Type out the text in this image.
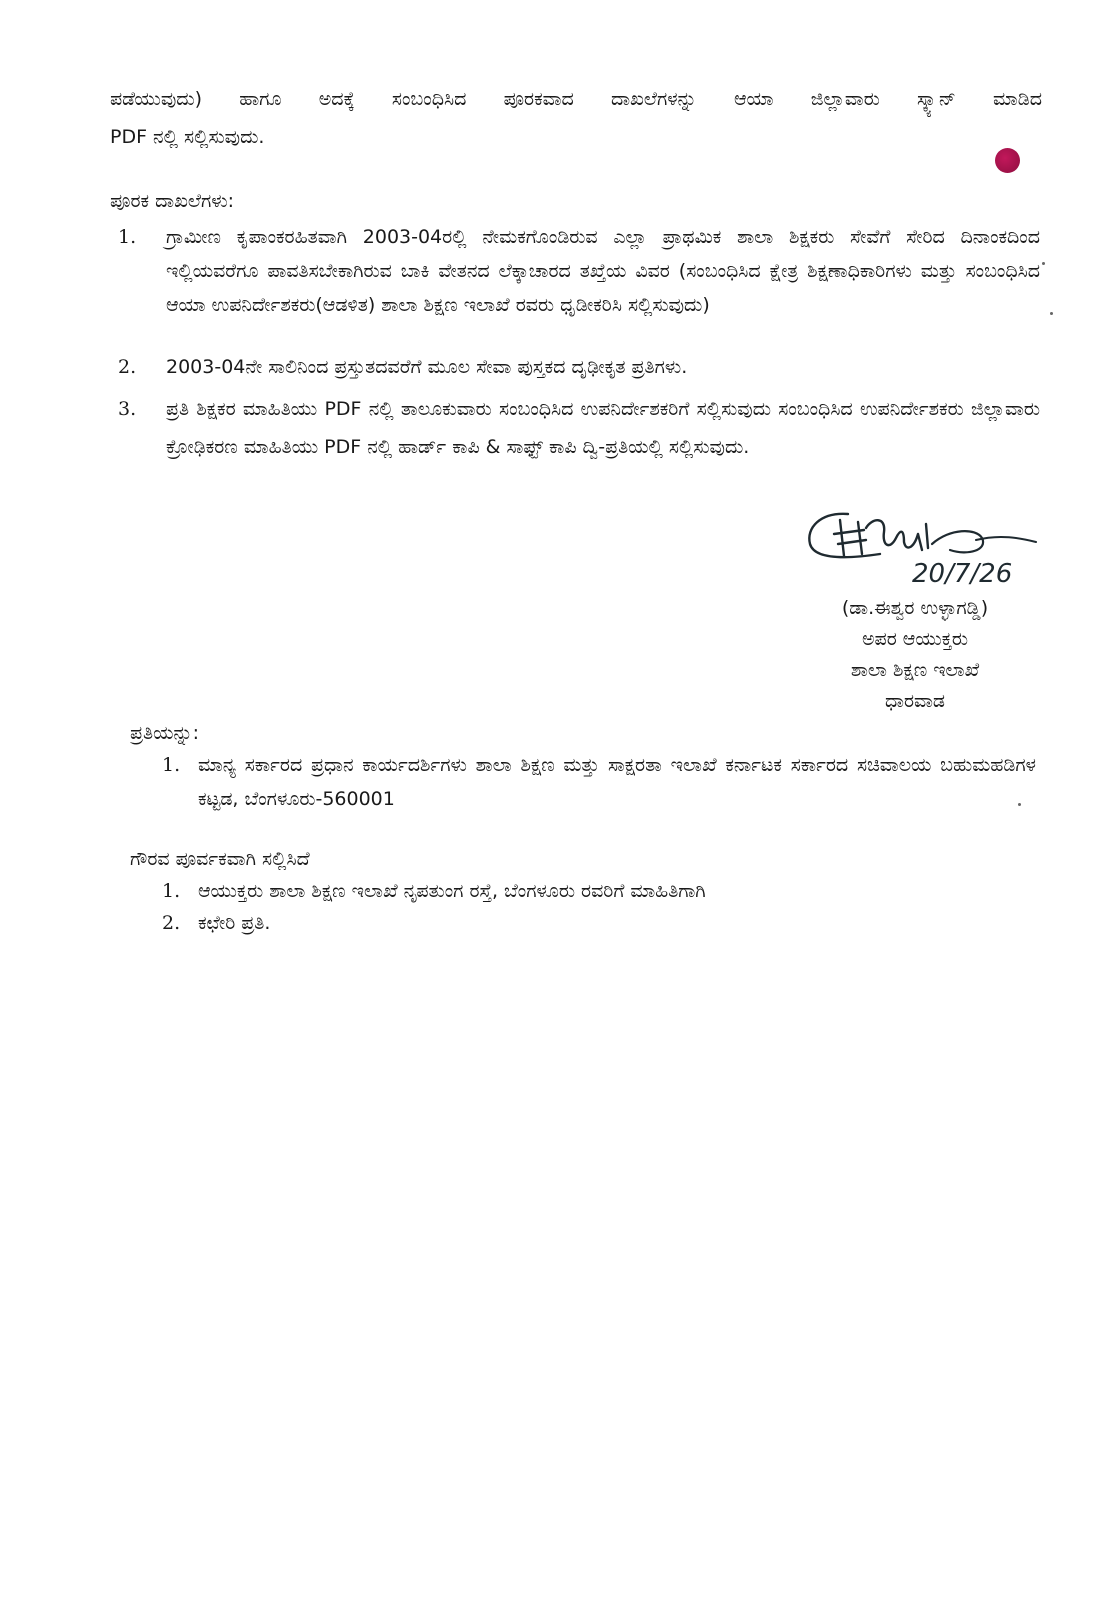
ಪಡೆಯುವುದು) ಹಾಗೂ ಅದಕ್ಕೆ ಸಂಬಂಧಿಸಿದ ಪೂರಕವಾದ ದಾಖಲೆಗಳನ್ನು ಆಯಾ ಜಿಲ್ಲಾವಾರು ಸ್ಕ್ಯಾನ್ ಮಾಡಿದ
PDF ನಲ್ಲಿ ಸಲ್ಲಿಸುವುದು.
ಪೂರಕ ದಾಖಲೆಗಳು:
1. ಗ್ರಾಮೀಣ ಕೃಪಾಂಕರಹಿತವಾಗಿ 2003-04ರಲ್ಲಿ ನೇಮಕಗೊಂಡಿರುವ ಎಲ್ಲಾ ಪ್ರಾಥಮಿಕ ಶಾಲಾ ಶಿಕ್ಷಕರು ಸೇವೆಗೆ ಸೇರಿದ ದಿನಾಂಕದಿಂದ ಇಲ್ಲಿಯವರೆಗೂ ಪಾವತಿಸಬೇಕಾಗಿರುವ ಬಾಕಿ ವೇತನದ ಲೆಕ್ಕಾಚಾರದ ತಖ್ತೆಯ ವಿವರ (ಸಂಬಂಧಿಸಿದ ಕ್ಷೇತ್ರ ಶಿಕ್ಷಣಾಧಿಕಾರಿಗಳು ಮತ್ತು ಸಂಬಂಧಿಸಿದ ಆಯಾ ಉಪನಿರ್ದೇಶಕರು(ಆಡಳಿತ) ಶಾಲಾ ಶಿಕ್ಷಣ ಇಲಾಖೆ ರವರು ಧೃಡೀಕರಿಸಿ ಸಲ್ಲಿಸುವುದು)
2. 2003-04ನೇ ಸಾಲಿನಿಂದ ಪ್ರಸ್ತುತದವರೆಗೆ ಮೂಲ ಸೇವಾ ಪುಸ್ತಕದ ದೃಢೀಕೃತ ಪ್ರತಿಗಳು.
3. ಪ್ರತಿ ಶಿಕ್ಷಕರ ಮಾಹಿತಿಯು PDF ನಲ್ಲಿ ತಾಲೂಕುವಾರು ಸಂಬಂಧಿಸಿದ ಉಪನಿರ್ದೇಶಕರಿಗೆ ಸಲ್ಲಿಸುವುದು ಸಂಬಂಧಿಸಿದ ಉಪನಿರ್ದೇಶಕರು ಜಿಲ್ಲಾವಾರು ಕ್ರೋಢಿಕರಣ ಮಾಹಿತಿಯು PDF ನಲ್ಲಿ ಹಾರ್ಡ್ ಕಾಪಿ & ಸಾಫ್ಟ್ ಕಾಪಿ ದ್ವಿ-ಪ್ರತಿಯಲ್ಲಿ ಸಲ್ಲಿಸುವುದು.
20/7/26
(ಡಾ.ಈಶ್ವರ ಉಳ್ಳಾಗಡ್ಡಿ)
ಅಪರ ಆಯುಕ್ತರು
ಶಾಲಾ ಶಿಕ್ಷಣ ಇಲಾಖೆ
ಧಾರವಾಡ
ಪ್ರತಿಯನ್ನು:
1. ಮಾನ್ಯ ಸರ್ಕಾರದ ಪ್ರಧಾನ ಕಾರ್ಯದರ್ಶಿಗಳು ಶಾಲಾ ಶಿಕ್ಷಣ ಮತ್ತು ಸಾಕ್ಷರತಾ ಇಲಾಖೆ ಕರ್ನಾಟಕ ಸರ್ಕಾರದ ಸಚಿವಾಲಯ ಬಹುಮಹಡಿಗಳ ಕಟ್ಟಡ, ಬೆಂಗಳೂರು-560001
ಗೌರವ ಪೂರ್ವಕವಾಗಿ ಸಲ್ಲಿಸಿದೆ
1. ಆಯುಕ್ತರು ಶಾಲಾ ಶಿಕ್ಷಣ ಇಲಾಖೆ ನೃಪತುಂಗ ರಸ್ತೆ, ಬೆಂಗಳೂರು ರವರಿಗೆ ಮಾಹಿತಿಗಾಗಿ
2. ಕಛೇರಿ ಪ್ರತಿ.
